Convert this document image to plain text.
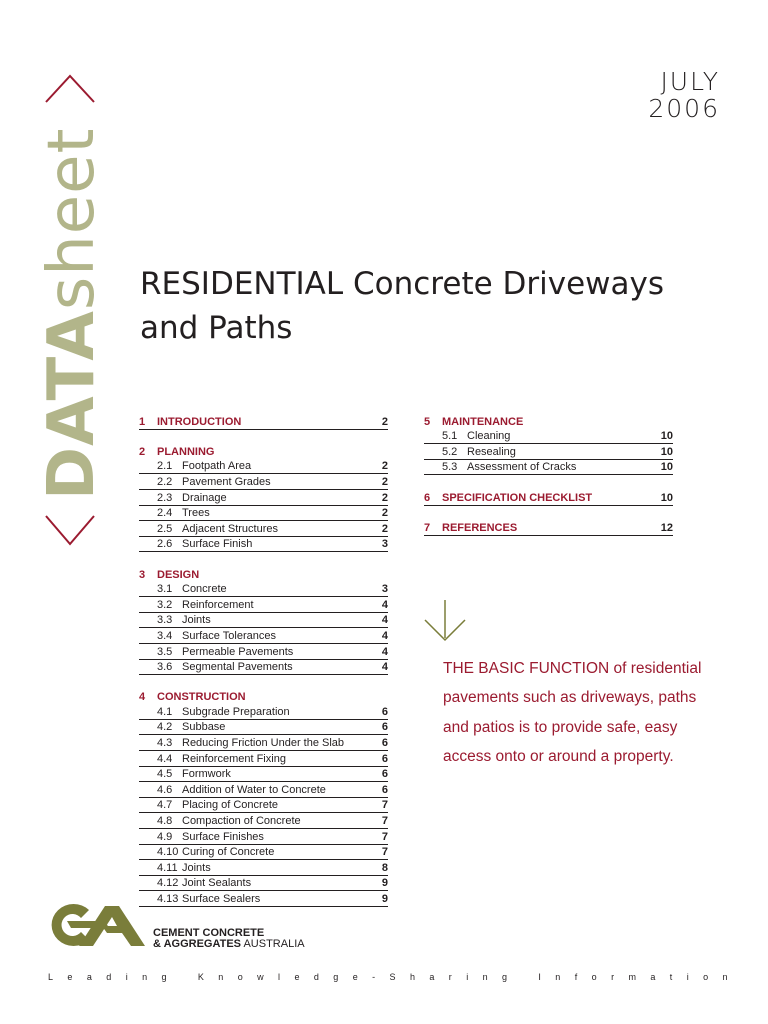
DATAsheet
JULY
2006
RESIDENTIAL Concrete Driveways
and Paths
1 INTRODUCTION	2
2 PLANNING
2.1 Footpath Area	2
2.2 Pavement Grades	2
2.3 Drainage	2
2.4 Trees	2
2.5 Adjacent Structures	2
2.6 Surface Finish	3
3 DESIGN
3.1 Concrete	3
3.2 Reinforcement	4
3.3 Joints	4
3.4 Surface Tolerances	4
3.5 Permeable Pavements	4
3.6 Segmental Pavements	4
4 CONSTRUCTION
4.1 Subgrade Preparation	6
4.2 Subbase	6
4.3 Reducing Friction Under the Slab	6
4.4 Reinforcement Fixing	6
4.5 Formwork	6
4.6 Addition of Water to Concrete	6
4.7 Placing of Concrete	7
4.8 Compaction of Concrete	7
4.9 Surface Finishes	7
4.10 Curing of Concrete	7
4.11 Joints	8
4.12 Joint Sealants	9
4.13 Surface Sealers	9
5 MAINTENANCE
5.1 Cleaning	10
5.2 Resealing	10
5.3 Assessment of Cracks	10
6 SPECIFICATION CHECKLIST	10
7 REFERENCES	12
THE BASIC FUNCTION of residential pavements such as driveways, paths and patios is to provide safe, easy access onto or around a property.
CEMENT CONCRETE
& AGGREGATES AUSTRALIA
L e a d i n g
	K n o w l e d g e - S h a r i n g
	I n f o r m a t i o n
